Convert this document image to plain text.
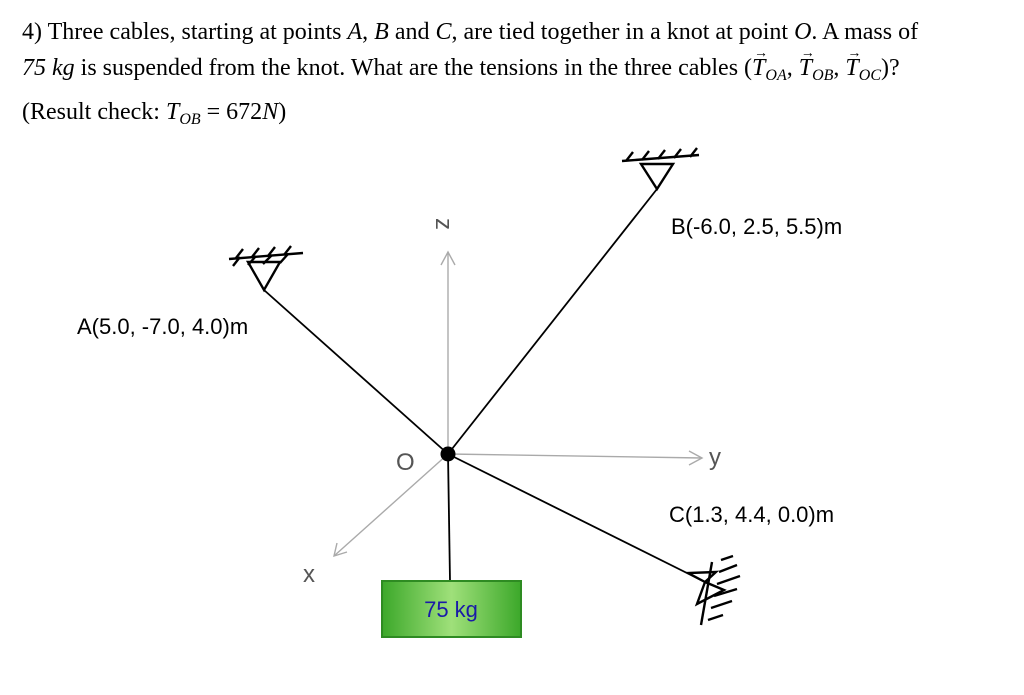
4) Three cables, starting at points A, B and C, are tied together in a knot at point O. A mass of
75 kg is suspended from the knot. What are the tensions in the three cables (→ $T_{OA}$, → $T_{OB}$, → $T_{OC}$)?
(Result check: $T_{OB} = 672N$)
z
y
x
O
A(5.0, -7.0, 4.0)m
B(-6.0, 2.5, 5.5)m
C(1.3, 4.4, 0.0)m
75 kg
